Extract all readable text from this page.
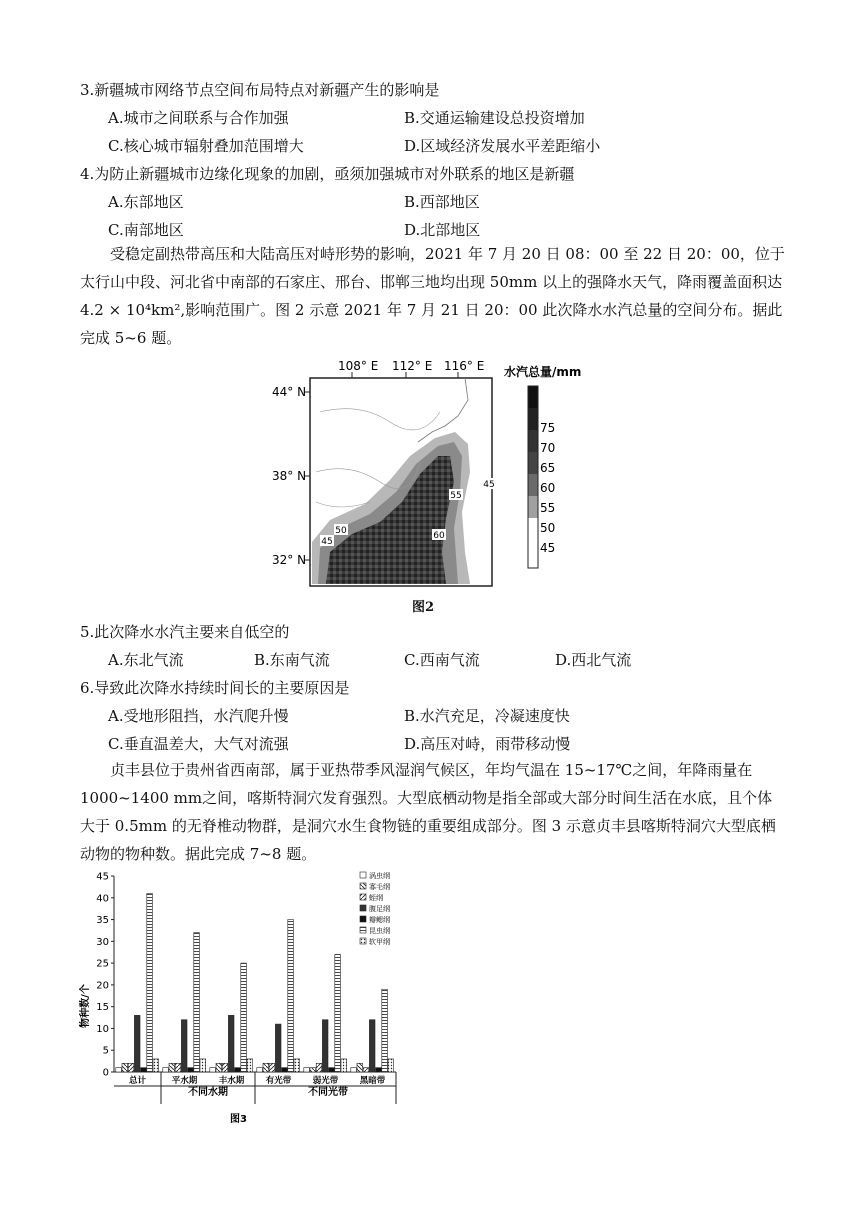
3.新疆城市网络节点空间布局特点对新疆产生的影响是
A.城市之间联系与合作加强	B.交通运输建设总投资增加
C.核心城市辐射叠加范围增大	D.区域经济发展水平差距缩小
4.为防止新疆城市边缘化现象的加剧，亟须加强城市对外联系的地区是新疆
A.东部地区	B.西部地区
C.南部地区	D.北部地区
受稳定副热带高压和大陆高压对峙形势的影响，2021 年 7 月 20 日 08：00 至 22 日 20：00，位于太行山中段、河北省中南部的石家庄、邢台、邯郸三地均出现 50mm 以上的强降水天气，降雨覆盖面积达 4.2 × 10⁴km²,影响范围广。图 2 示意 2021 年 7 月 21 日 20：00 此次降水水汽总量的空间分布。据此完成 5~6 题。
55
45
50
45
60
108° E 112° E 116° E
44° N
38° N
32° N
水汽总量/mm
75
70
65
60
55
50
45
图2
5.此次降水水汽主要来自低空的
A.东北气流	B.东南气流	C.西南气流	D.西北气流
6.导致此次降水持续时间长的主要原因是
A.受地形阻挡，水汽爬升慢	B.水汽充足，冷凝速度快
C.垂直温差大，大气对流强	D.高压对峙，雨带移动慢
贞丰县位于贵州省西南部，属于亚热带季风湿润气候区，年均气温在 15~17℃之间，年降雨量在 1000~1400 mm之间，喀斯特洞穴发育强烈。大型底栖动物是指全部或大部分时间生活在水底，且个体大于 0.5mm 的无脊椎动物群，是洞穴水生食物链的重要组成部分。图 3 示意贞丰县喀斯特洞穴大型底栖动物的物种数。据此完成 7~8 题。
0
5
10
15
20
25
30
35
40
45
总计	平水期	丰水期	有光带	弱光带	黑暗带
涡虫纲
寡毛纲
蛭纲
腹足纲
瓣鳃纲
昆虫纲
软甲纲
物种数/个
不同水期	不同光带
图3
